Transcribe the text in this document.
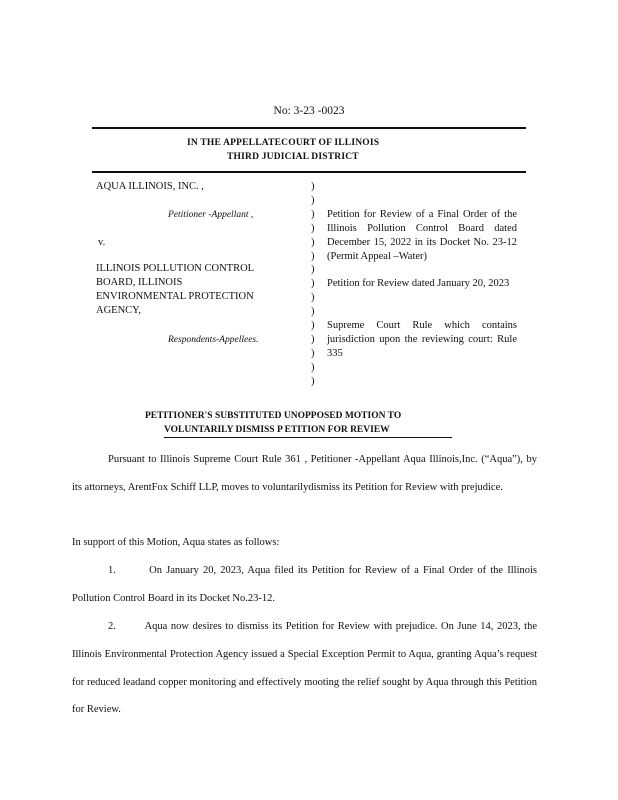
No: 3-23 -0023
IN THE APPELLATECOURT OF ILLINOIS
THIRD JUDICIAL DISTRICT
AQUA ILLINOIS, INC. ,
Petitioner -Appellant ,
v.
ILLINOIS POLLUTION CONTROL
BOARD, ILLINOIS
ENVIRONMENTAL PROTECTION
AGENCY,
Respondents-Appellees.
)
)
)
)
)
)
)
)
)
)
)
)
)
)
)
Petition for Review of a Final Order of the Illinois Pollution Control Board dated December 15, 2022 in its Docket No. 23-12 (Permit Appeal –Water)
Petition for Review dated January 20, 2023
Supreme Court Rule which contains jurisdiction upon the reviewing court: Rule 335
PETITIONER'S SUBSTITUTED UNOPPOSED MOTION TO
VOLUNTARILY DISMISS P ETITION FOR REVIEW
Pursuant to Illinois Supreme Court Rule 361 , Petitioner -Appellant Aqua Illinois,Inc. (“Aqua”), by its attorneys, ArentFox Schiff LLP, moves to voluntarilydismiss its Petition for Review with prejudice.
In support of this Motion, Aqua states as follows:
1.	On January 20, 2023, Aqua filed its Petition for Review of a Final Order of the Illinois Pollution Control Board in its Docket No.23-12.
2.	Aqua now desires to dismiss its Petition for Review with prejudice. On June 14, 2023, the Illinois Environmental Protection Agency issued a Special Exception Permit to Aqua, granting Aqua’s request for reduced leadand copper monitoring and effectively mooting the relief sought by Aqua through this Petition for Review.
